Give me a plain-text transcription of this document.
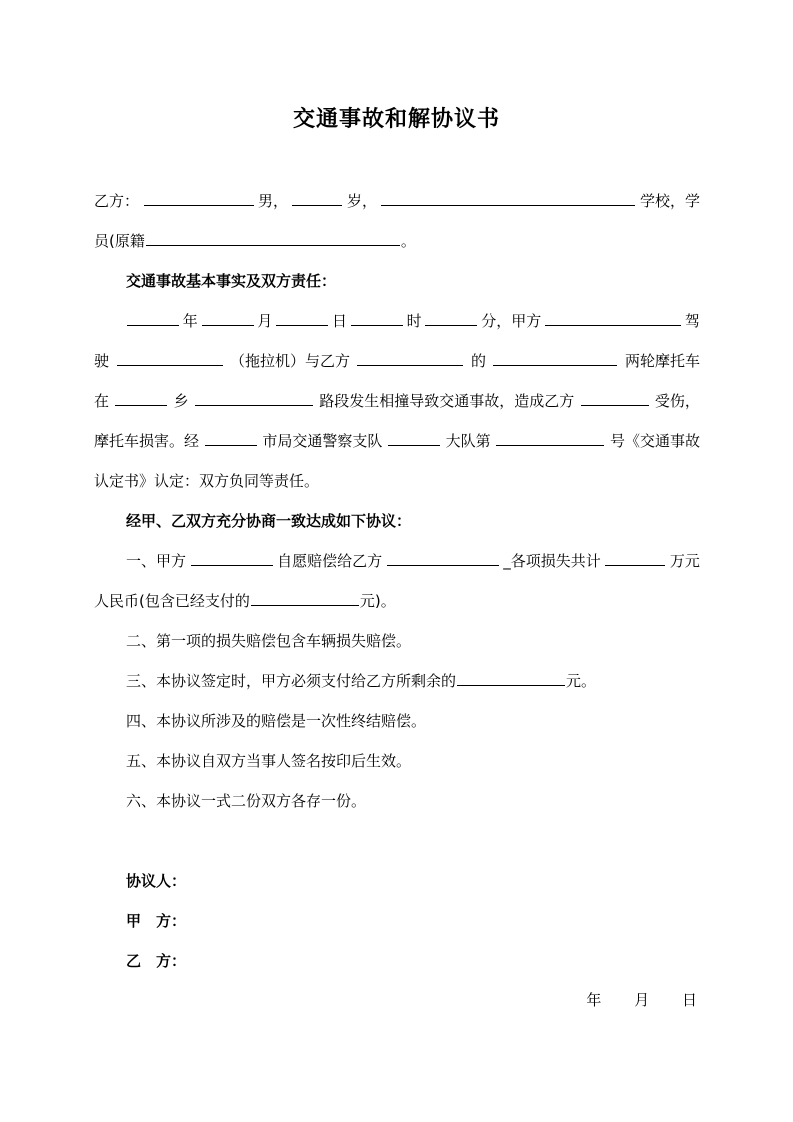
交通事故和解协议书
乙方：	男，	岁，	学校，学
员(原籍	。
交通事故基本事实及双方责任：
年	月	日	时	分，甲方	驾
驶	（拖拉机）与乙方	的	两轮摩托车
在	乡	路段发生相撞导致交通事故，造成乙方	受伤，
摩托车损害。经	市局交通警察支队	大队第	号《交通事故
认定书》认定：双方负同等责任。
经甲、乙双方充分协商一致达成如下协议：
一、甲方	自愿赔偿给乙方	_各项损失共计	万元
人民币(包含已经支付的	元)。
二、第一项的损失赔偿包含车辆损失赔偿。
三、本协议签定时，甲方必须支付给乙方所剩余的	元。
四、本协议所涉及的赔偿是一次性终结赔偿。
五、本协议自双方当事人签名按印后生效。
六、本协议一式二份双方各存一份。
协议人：
甲　方：
乙　方：
年 月 日
